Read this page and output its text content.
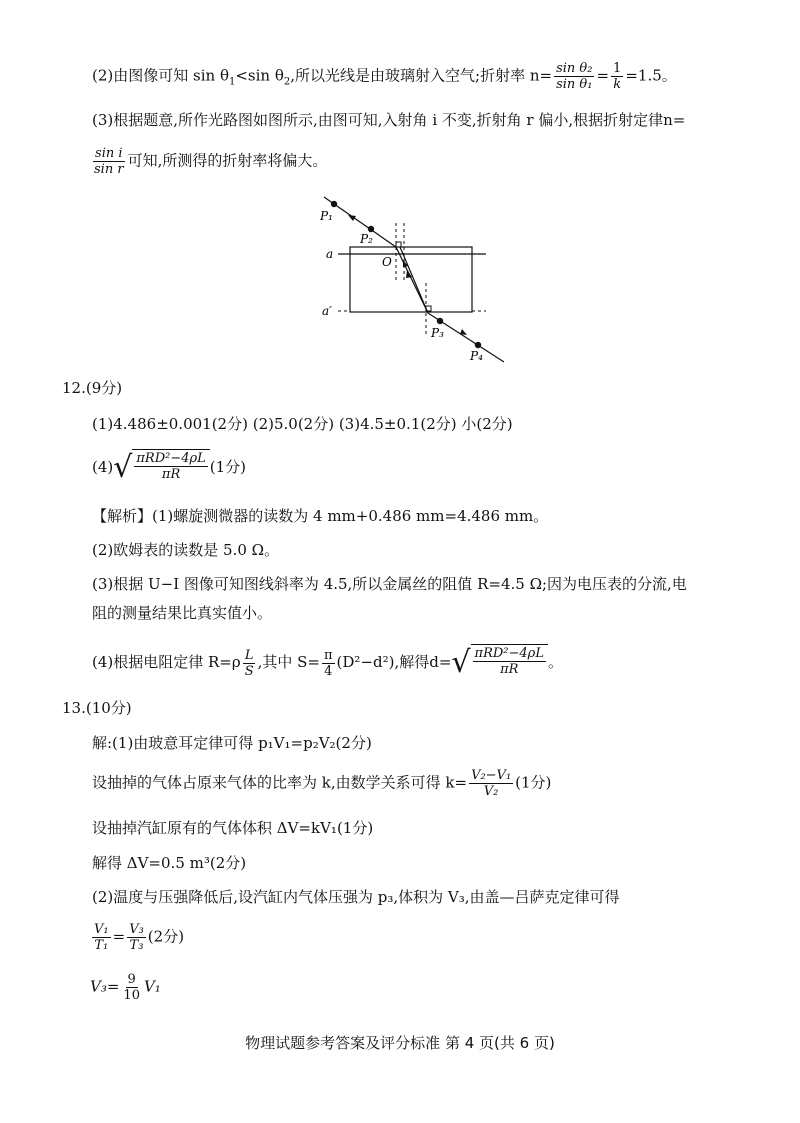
(2)由图像可知 $\sin \theta_1<\sin$ $\theta_2$,所以光线是由玻璃射入空气;折射率 $n= \frac{\text{sin θ₂}}{\text{sin θ₁}} = \frac{1}{k} =1.5$。
(3)根据题意,所作光路图如图所示,由图可知,入射角 i 不变,折射角 r 偏小,根据折射定律n=
$\frac{\text{sin i}}{\text{sin r}}$ 可知,所测得的折射率将偏大。
P₁
P₂
P₃
P₄
a
a′
O
12.(9分)
(1)4.486±0.001(2分) (2)5.0(2分) (3)4.5±0.1(2分) 小(2分)
(4) √ $\frac{\text{πRD²−4ρL}}{\pi R} (1$分)
【解析】(1)螺旋测微器的读数为 4 mm+0.486 mm=4.486 mm。
(2)欧姆表的读数是 5.0 Ω。
(3)根据 U−I 图像可知图线斜率为 4.5,所以金属丝的阻值 R=4.5 Ω;因为电压表的分流,电
阻的测量结果比真实值小。
(4)根据电阻定律 $R=\rho \frac{L}{S}$ ,其中 $S= \frac{\pi}{4} (D^2-d^2)$,解得d= √ $\frac{\text{πRD²−4ρL}}{\pi R}$ 。
13.(10分)
解:(1)由玻意耳定律可得 p₁V₁=p₂V₂(2分)
设抽掉的气体占原来气体的比率为 k,由数学关系可得 $k= \frac{\text{V₂−V₁}}{\text{V₂}} (1$分)
设抽掉汽缸原有的气体体积 ΔV=kV₁(1分)
解得 ΔV=0.5 m³(2分)
(2)温度与压强降低后,设汽缸内气体压强为 p₃,体积为 V₃,由盖—吕萨克定律可得
$\frac{\text{V₁}}{\text{T₁}} = \frac{\text{V₃}}{\text{T₃}} (2$分)
$V_3= \frac{9}{10} V_1$
物理试题参考答案及评分标准 第 4 页(共 6 页)
